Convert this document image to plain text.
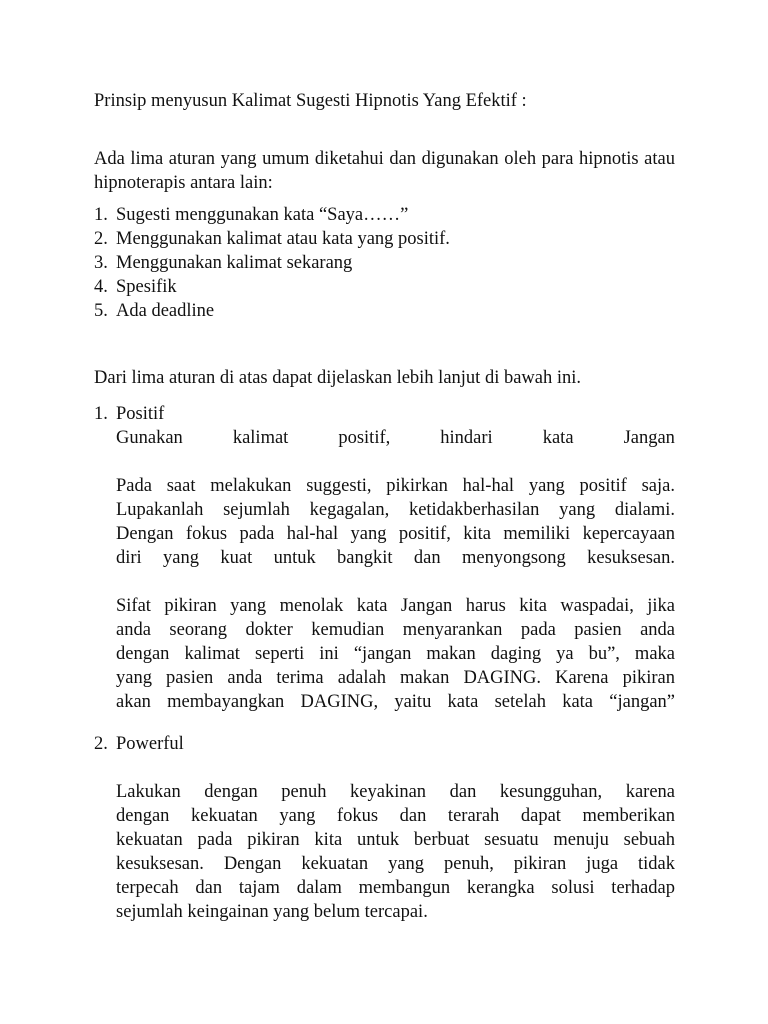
Prinsip menyusun Kalimat Sugesti Hipnotis Yang Efektif :
Ada lima aturan yang umum diketahui dan digunakan oleh para hipnotis atau hipnoterapis antara lain:
1. Sugesti menggunakan kata “Saya……”
2. Menggunakan kalimat atau kata yang positif.
3. Menggunakan kalimat sekarang
4. Spesifik
5. Ada deadline
Dari lima aturan di atas dapat dijelaskan lebih lanjut di bawah ini.
1. Positif
Gunakan	kalimat	positif,	hindari	kata	Jangan
Pada saat melakukan suggesti, pikirkan hal-hal yang positif saja.
Lupakanlah sejumlah kegagalan, ketidakberhasilan yang dialami.
Dengan fokus pada hal-hal yang positif, kita memiliki kepercayaan
diri yang kuat untuk bangkit dan menyongsong kesuksesan.
Sifat pikiran yang menolak kata Jangan harus kita waspadai, jika
anda seorang dokter kemudian menyarankan pada pasien anda
dengan kalimat seperti ini “jangan makan daging ya bu”, maka
yang pasien anda terima adalah makan DAGING. Karena pikiran
akan membayangkan DAGING, yaitu kata setelah kata “jangan”
2. Powerful
Lakukan dengan penuh keyakinan dan kesungguhan, karena
dengan kekuatan yang fokus dan terarah dapat memberikan
kekuatan pada pikiran kita untuk berbuat sesuatu menuju sebuah
kesuksesan. Dengan kekuatan yang penuh, pikiran juga tidak
terpecah dan tajam dalam membangun kerangka solusi terhadap
sejumlah keingainan yang belum tercapai.
